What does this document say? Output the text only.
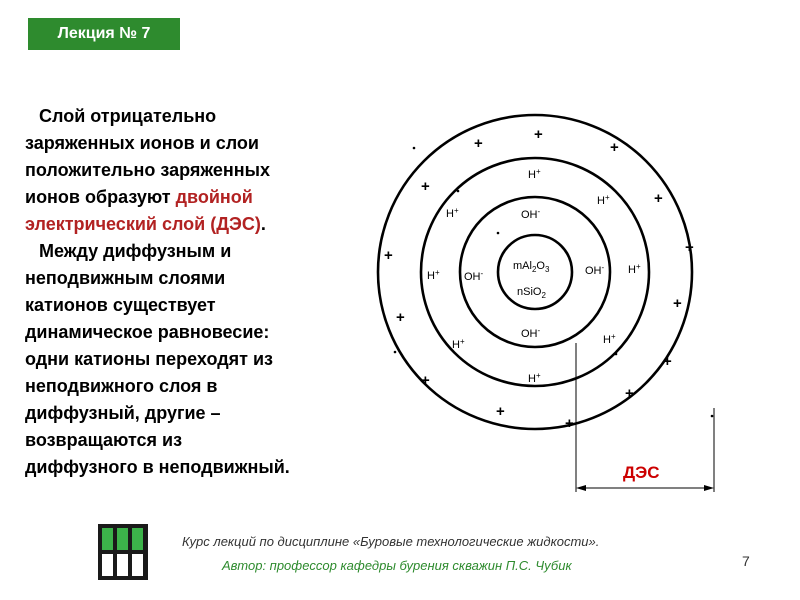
Лекция № 7

Слой отрицательно
заряженных ионов и слои
положительно заряженных
ионов образуют двойной
электрический слой (ДЭС).

Между диффузным и
неподвижным слоями
катионов существует
динамическое равновесие:
одни катионы переходят из
неподвижного слоя в
диффузный, другие –
возвращаются из
диффузного в неподвижный.

$mAl_2O_3$
nSiO$_2$
OH-
OH-	OH-
OH-
H+
H+
H+
H+	H+
H+	H+
H+
+
+	+
+
+
+	+
+
+
+
+
+
+
+
ДЭС
Курс лекций по дисциплине «Буровые технологические жидкости».
Автор: профессор кафедры бурения скважин П.С. Чубик	7
